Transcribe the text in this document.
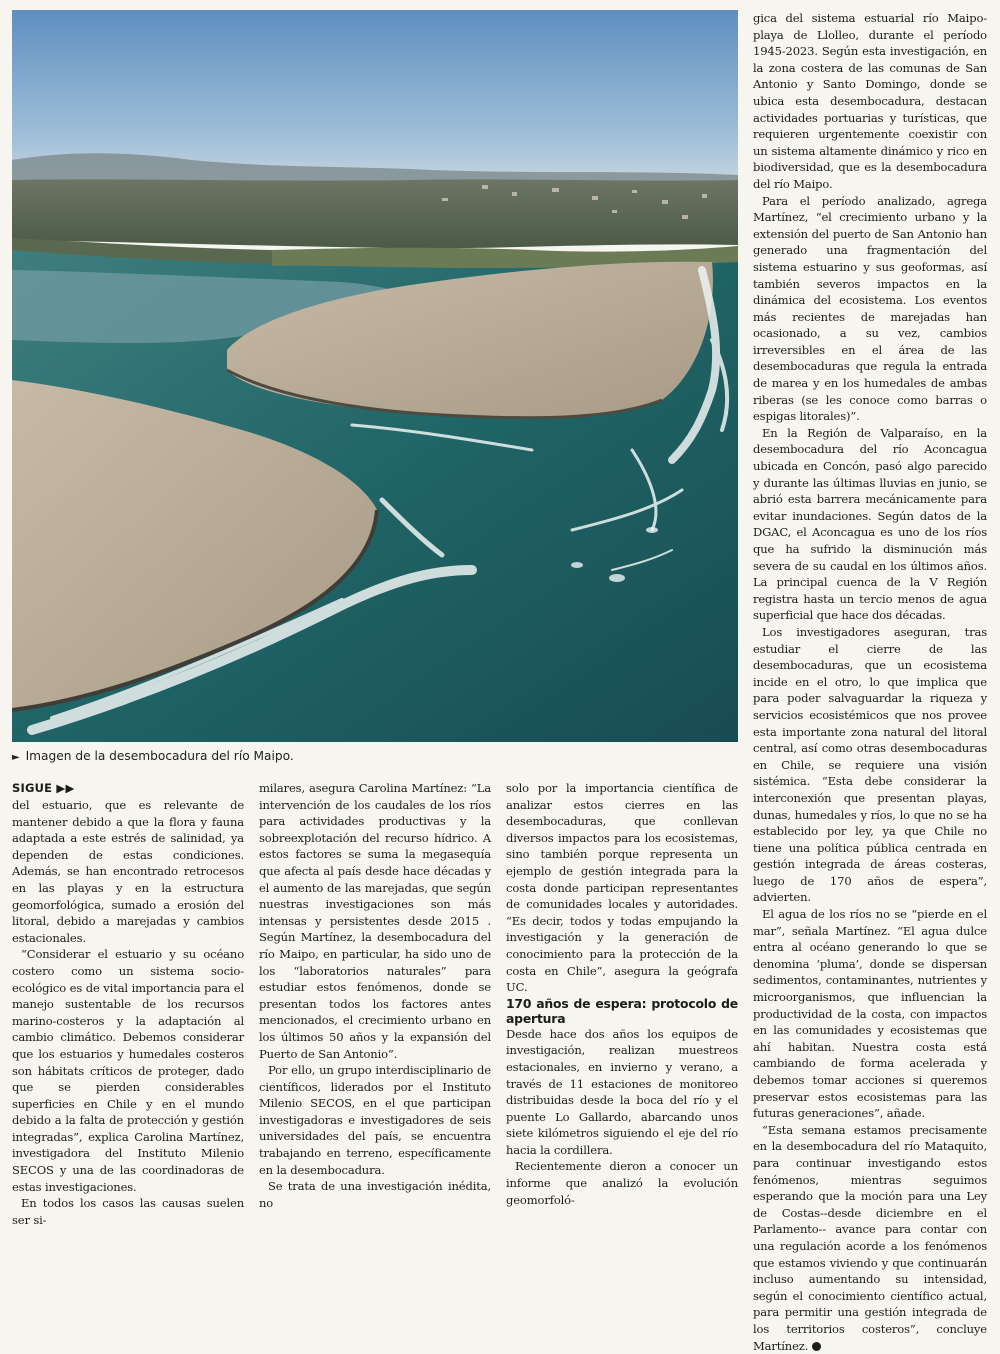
► Imagen de la desembocadura del río Maipo.
SIGUE ▶▶

del estuario, que es relevante de mantener debido a que la flora y fauna adaptada a este estrés de salinidad, ya dependen de estas condiciones. Además, se han encontrado retrocesos en las playas y en la estructura geomorfológica, sumado a erosión del litoral, debido a marejadas y cambios estacionales.

“Considerar el estuario y su océano costero como un sistema socio-ecológico es de vital importancia para el manejo sustentable de los recursos marino-costeros y la adaptación al cambio climático. Debemos considerar que los estuarios y humedales costeros son hábitats críticos de proteger, dado que se pierden considerables superficies en Chile y en el mundo debido a la falta de protección y gestión integradas”, explica Carolina Martínez, investigadora del Instituto Milenio SECOS y una de las coordinadoras de estas investigaciones.

En todos los casos las causas suelen ser si-

milares, asegura Carolina Martínez: “La intervención de los caudales de los ríos para actividades productivas y la sobreexplotación del recurso hídrico. A estos factores se suma la megasequía que afecta al país desde hace décadas y el aumento de las marejadas, que según nuestras investigaciones son más intensas y persistentes desde 2015 . Según Martínez, la desembocadura del río Maipo, en particular, ha sido uno de los “laboratorios naturales” para estudiar estos fenómenos, donde se presentan todos los factores antes mencionados, el crecimiento urbano en los últimos 50 años y la expansión del Puerto de San Antonio”.

Por ello, un grupo interdisciplinario de científicos, liderados por el Instituto Milenio SECOS, en el que participan investigadoras e investigadores de seis universidades del país, se encuentra trabajando en terreno, específicamente en la desembocadura.

Se trata de una investigación inédita, no

solo por la importancia científica de analizar estos cierres en las desembocaduras, que conllevan diversos impactos para los ecosistemas, sino también porque representa un ejemplo de gestión integrada para la costa donde participan representantes de comunidades locales y autoridades. “Es decir, todos y todas empujando la investigación y la generación de conocimiento para la protección de la costa en Chile”, asegura la geógrafa UC.

170 años de espera: protocolo de apertura

Desde hace dos años los equipos de investigación, realizan muestreos estacionales, en invierno y verano, a través de 11 estaciones de monitoreo distribuidas desde la boca del río y el puente Lo Gallardo, abarcando unos siete kilómetros siguiendo el eje del río hacia la cordillera.

Recientemente dieron a conocer un informe que analizó la evolución geomorfoló-

gica del sistema estuarial río Maipo-playa de Llolleo, durante el período 1945-2023. Según esta investigación, en la zona costera de las comunas de San Antonio y Santo Domingo, donde se ubica esta desembocadura, destacan actividades portuarias y turísticas, que requieren urgentemente coexistir con un sistema altamente dinámico y rico en biodiversidad, que es la desembocadura del río Maipo.

Para el período analizado, agrega Martínez, “el crecimiento urbano y la extensión del puerto de San Antonio han generado una fragmentación del sistema estuarino y sus geoformas, así también severos impactos en la dinámica del ecosistema. Los eventos más recientes de marejadas han ocasionado, a su vez, cambios irreversibles en el área de las desembocaduras que regula la entrada de marea y en los humedales de ambas riberas (se les conoce como barras o espigas litorales)”.

En la Región de Valparaíso, en la desembocadura del río Aconcagua ubicada en Concón, pasó algo parecido y durante las últimas lluvias en junio, se abrió esta barrera mecánicamente para evitar inundaciones. Según datos de la DGAC, el Aconcagua es uno de los ríos que ha sufrido la disminución más severa de su caudal en los últimos años. La principal cuenca de la V Región registra hasta un tercio menos de agua superficial que hace dos décadas.

Los investigadores aseguran, tras estudiar el cierre de las desembocaduras, que un ecosistema incide en el otro, lo que implica que para poder salvaguardar la riqueza y servicios ecosistémicos que nos provee esta importante zona natural del litoral central, así como otras desembocaduras en Chile, se requiere una visión sistémica. “Esta debe considerar la interconexión que presentan playas, dunas, humedales y ríos, lo que no se ha establecido por ley, ya que Chile no tiene una política pública centrada en gestión integrada de áreas costeras, luego de 170 años de espera”, advierten.

El agua de los ríos no se “pierde en el mar”, señala Martínez. “El agua dulce entra al océano generando lo que se denomina ‘pluma’, donde se dispersan sedimentos, contaminantes, nutrientes y microorganismos, que influencian la productividad de la costa, con impactos en las comunidades y ecosistemas que ahí habitan. Nuestra costa está cambiando de forma acelerada y debemos tomar acciones si queremos preservar estos ecosistemas para las futuras generaciones”, añade.

“Esta semana estamos precisamente en la desembocadura del río Mataquito, para continuar investigando estos fenómenos, mientras seguimos esperando que la moción para una Ley de Costas--desde diciembre en el Parlamento-- avance para contar con una regulación acorde a los fenómenos que estamos viviendo y que continuarán incluso aumentando su intensidad, según el conocimiento científico actual, para permitir una gestión integrada de los territorios costeros”, concluye Martínez.
